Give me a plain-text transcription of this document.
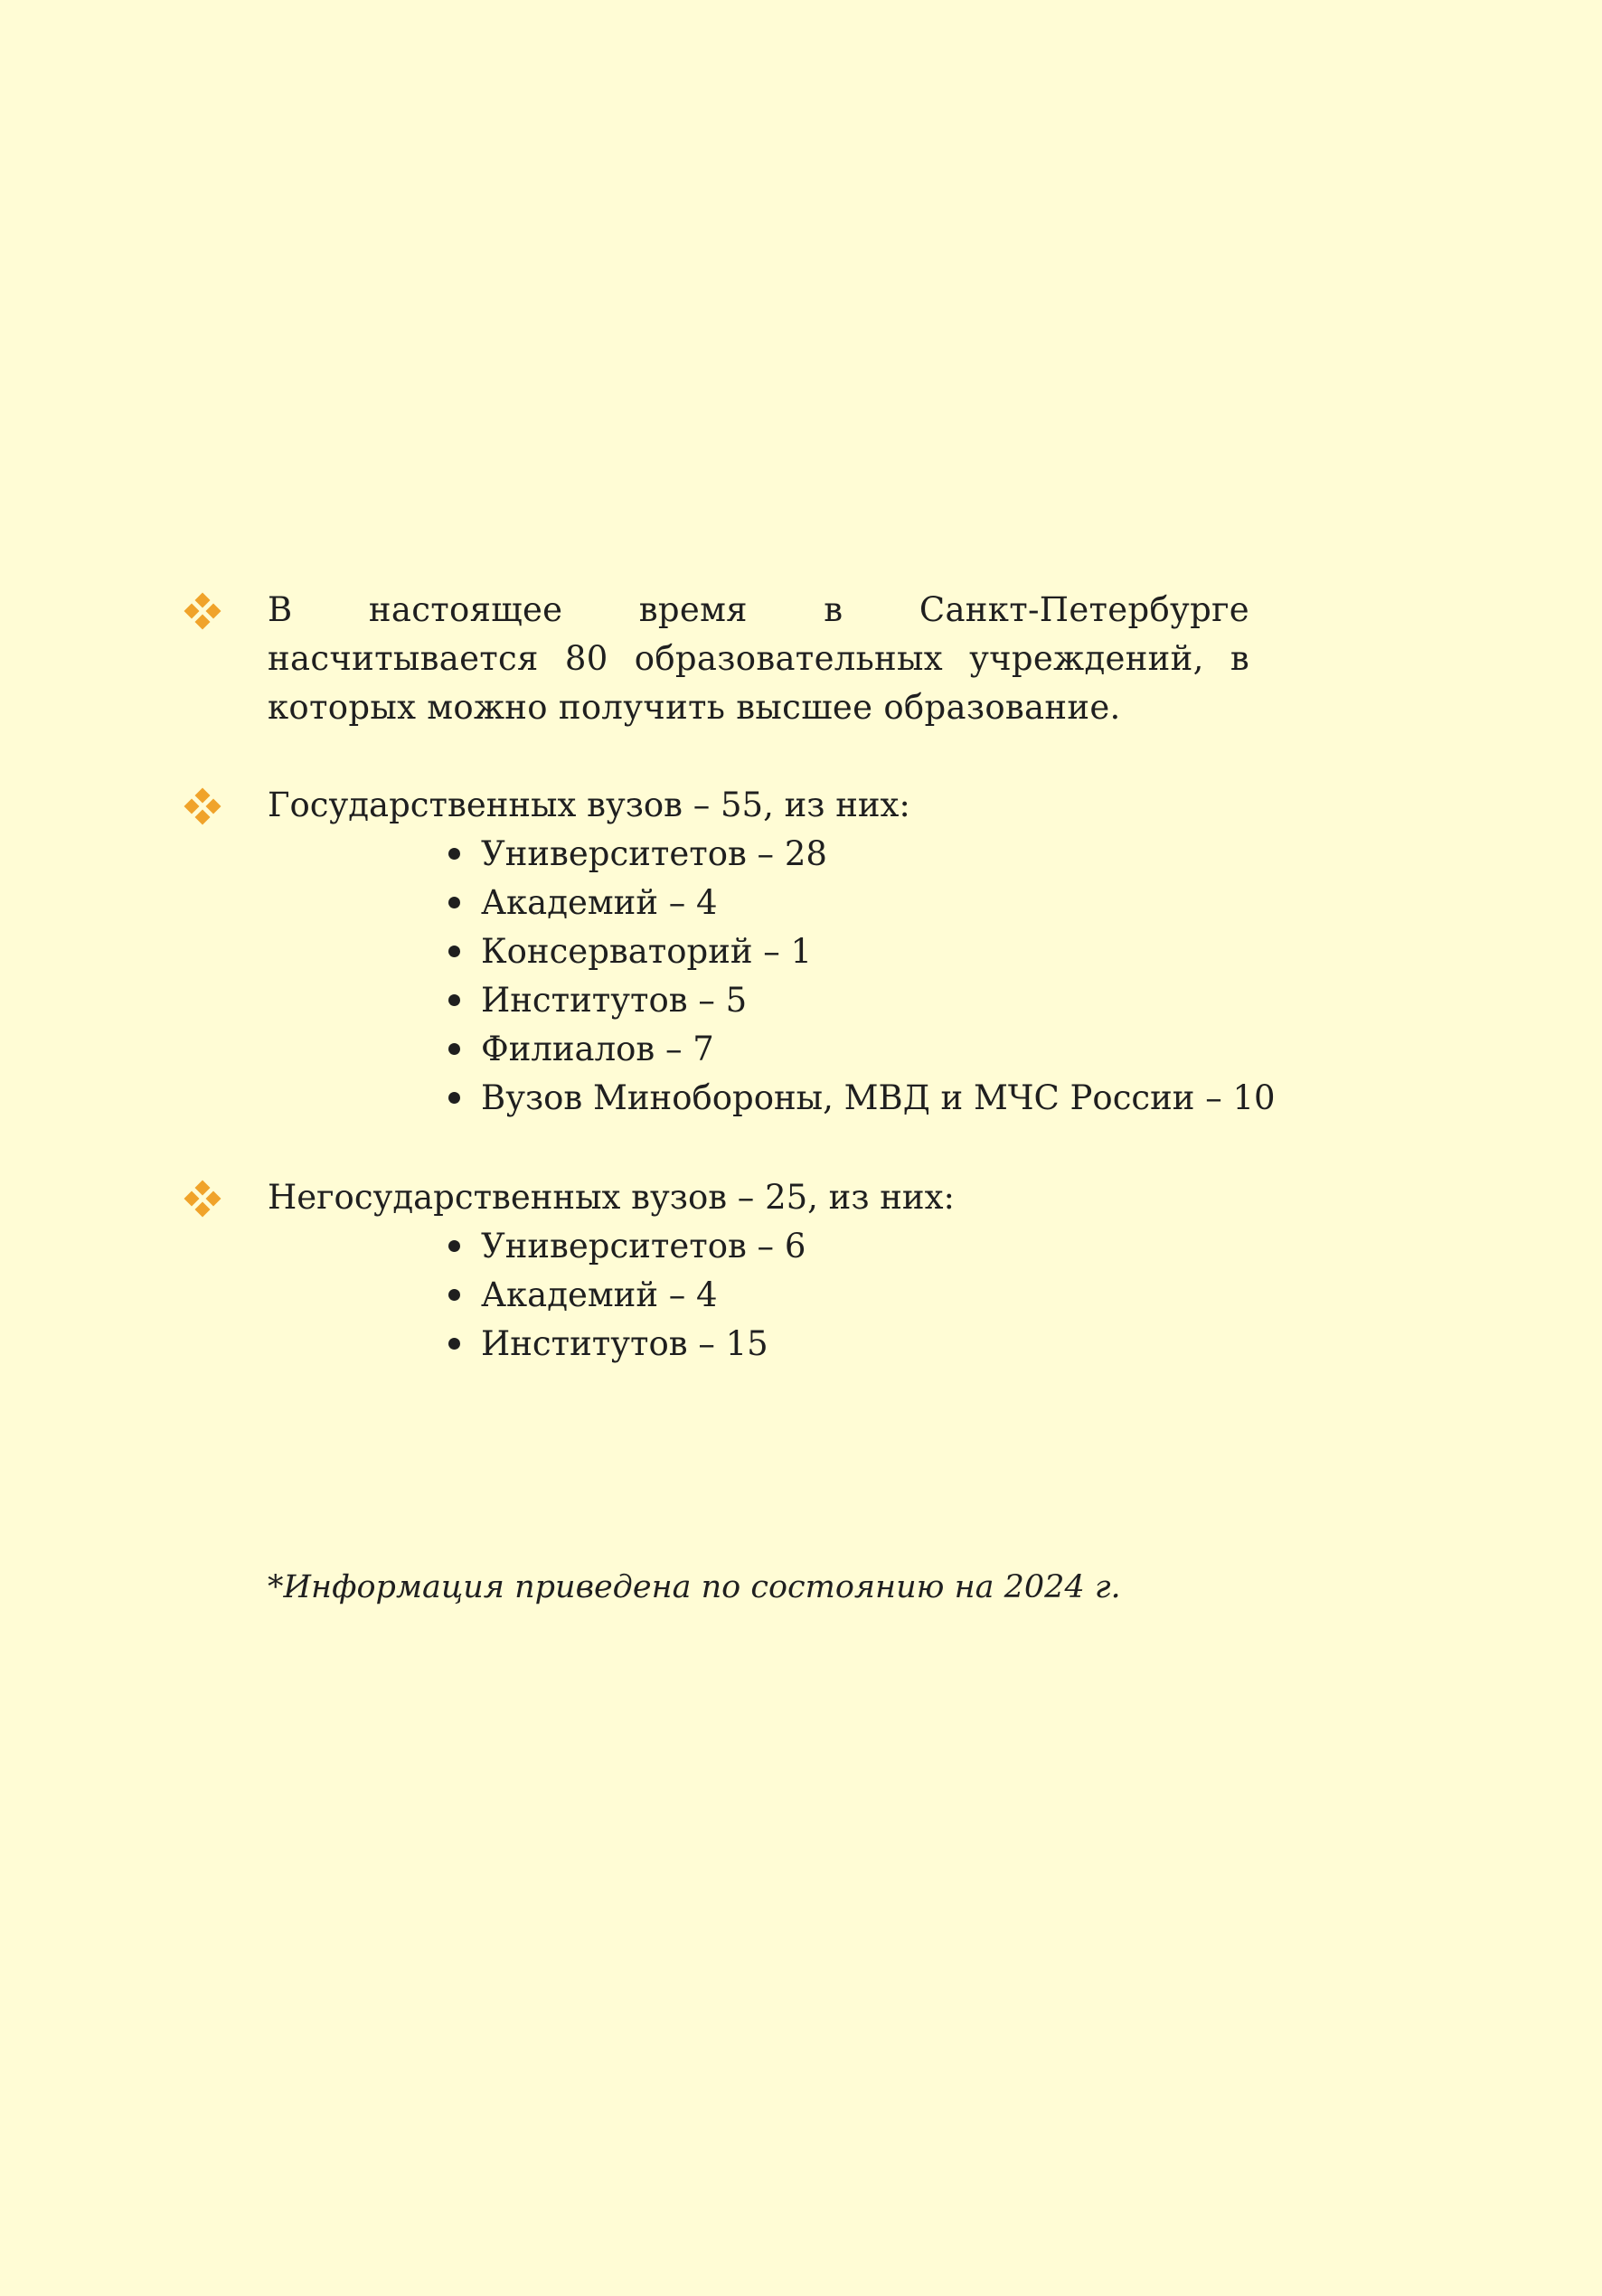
В настоящее время в Санкт-Петербурге насчитывается 80 образовательных учреждений, в которых можно получить высшее образование.
Государственных вузов – 55, из них:
Университетов – 28
Академий – 4
Консерваторий – 1
Институтов – 5
Филиалов – 7
Вузов Минобороны, МВД и МЧС России – 10
Негосударственных вузов – 25, из них:
Университетов – 6
Академий – 4
Институтов – 15
*Информация приведена по состоянию на 2024 г.
